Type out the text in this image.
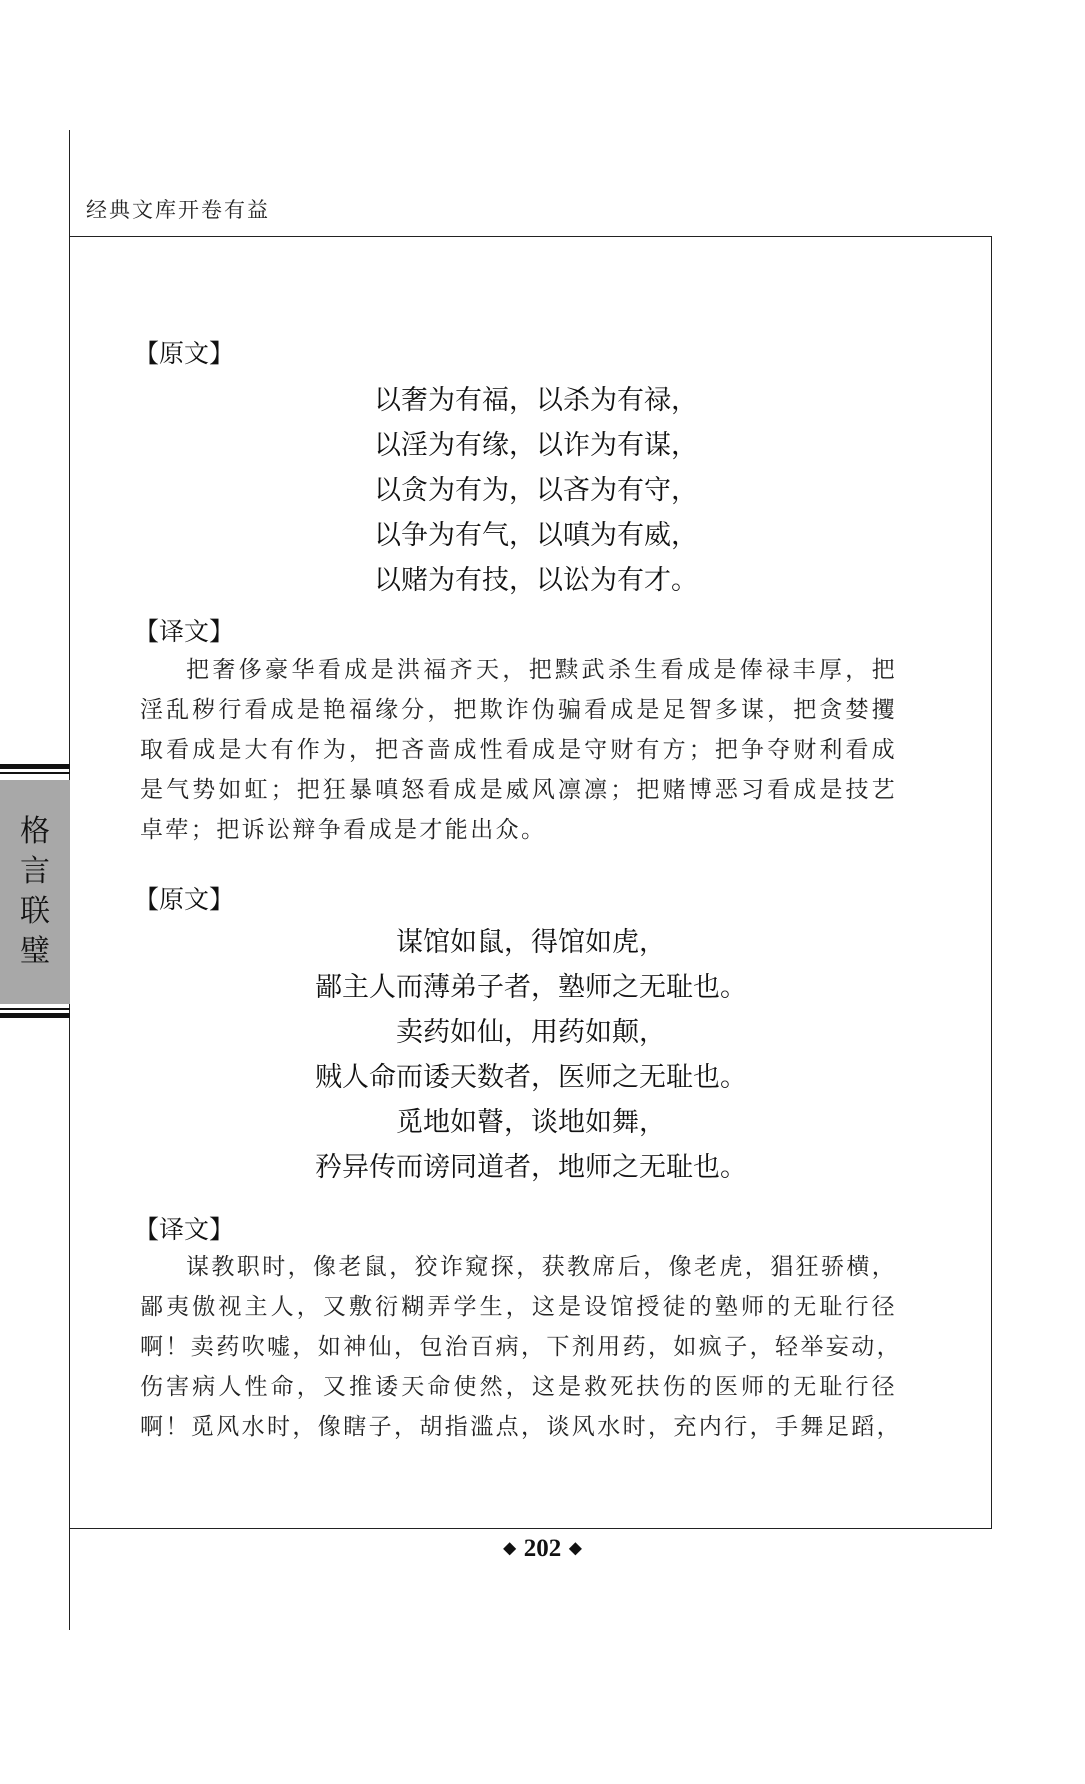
经典文库开卷有益
格
言
联
璧
【原文】
以奢为有福，以杀为有禄，
以淫为有缘，以诈为有谋，
以贪为有为，以吝为有守，
以争为有气，以嗔为有威，
以赌为有技，以讼为有才。
【译文】
把奢侈豪华看成是洪福齐天，把黩武杀生看成是俸禄丰厚，把
淫乱秽行看成是艳福缘分，把欺诈伪骗看成是足智多谋，把贪婪攫
取看成是大有作为，把吝啬成性看成是守财有方；把争夺财利看成
是气势如虹；把狂暴嗔怒看成是威风凛凛；把赌博恶习看成是技艺
卓荦；把诉讼辩争看成是才能出众。
【原文】
谋馆如鼠，得馆如虎，
鄙主人而薄弟子者，塾师之无耻也。
卖药如仙，用药如颠，
贼人命而诿天数者，医师之无耻也。
觅地如瞽，谈地如舞，
矜异传而谤同道者，地师之无耻也。
【译文】
谋教职时，像老鼠，狡诈窥探，获教席后，像老虎，猖狂骄横，
鄙夷傲视主人，又敷衍糊弄学生，这是设馆授徒的塾师的无耻行径
啊！卖药吹嘘，如神仙，包治百病，下剂用药，如疯子，轻举妄动，
伤害病人性命，又推诿天命使然，这是救死扶伤的医师的无耻行径
啊！觅风水时，像瞎子，胡指滥点，谈风水时，充内行，手舞足蹈，
◆ 202 ◆
